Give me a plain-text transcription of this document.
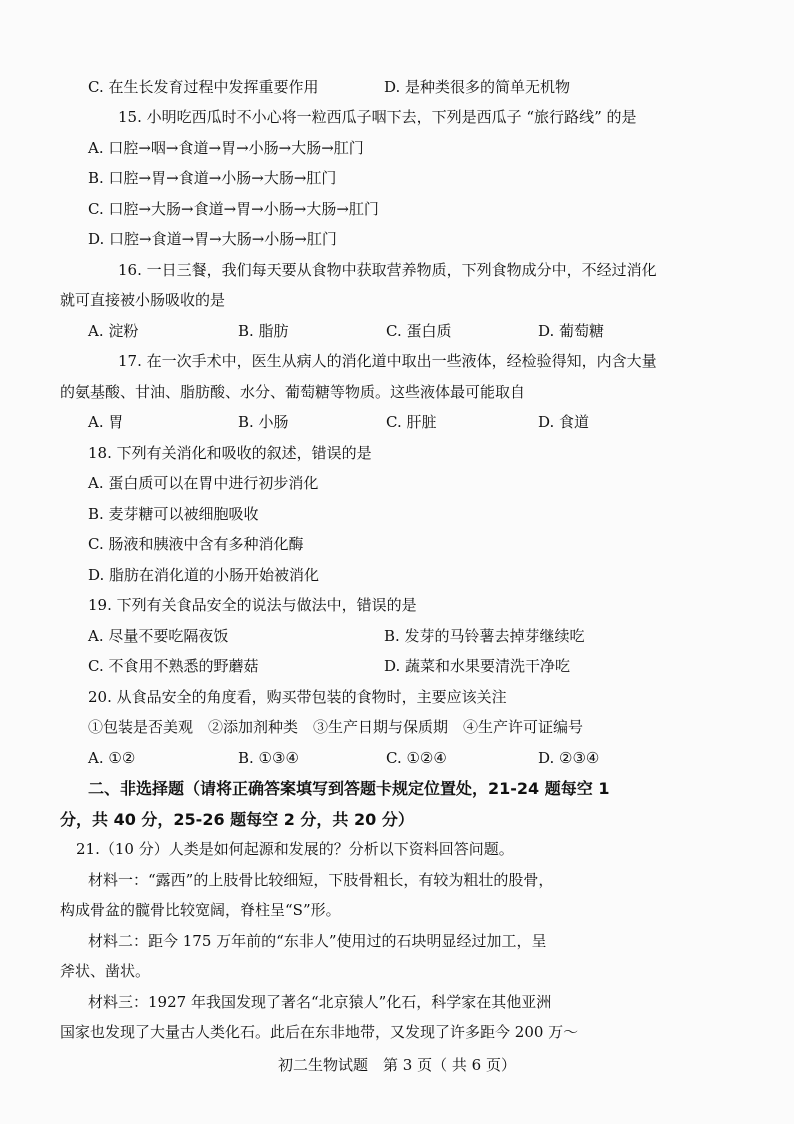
C. 在生长发育过程中发挥重要作用	D. 是种类很多的简单无机物
15. 小明吃西瓜时不小心将一粒西瓜子咽下去，下列是西瓜子 “旅行路线” 的是
A. 口腔→咽→食道→胃→小肠→大肠→肛门
B. 口腔→胃→食道→小肠→大肠→肛门
C. 口腔→大肠→食道→胃→小肠→大肠→肛门
D. 口腔→食道→胃→大肠→小肠→肛门
16. 一日三餐，我们每天要从食物中获取营养物质，下列食物成分中，不经过消化
就可直接被小肠吸收的是
A. 淀粉	B. 脂肪	C. 蛋白质	D. 葡萄糖
17. 在一次手术中，医生从病人的消化道中取出一些液体，经检验得知，内含大量
的氨基酸、甘油、脂肪酸、水分、葡萄糖等物质。这些液体最可能取自
A. 胃	B. 小肠	C. 肝脏	D. 食道
18. 下列有关消化和吸收的叙述，错误的是
A. 蛋白质可以在胃中进行初步消化
B. 麦芽糖可以被细胞吸收
C. 肠液和胰液中含有多种消化酶
D. 脂肪在消化道的小肠开始被消化
19. 下列有关食品安全的说法与做法中，错误的是
A. 尽量不要吃隔夜饭	B. 发芽的马铃薯去掉芽继续吃
C. 不食用不熟悉的野蘑菇	D. 蔬菜和水果要清洗干净吃
20. 从食品安全的角度看，购买带包装的食物时，主要应该关注
①包装是否美观　②添加剂种类　③生产日期与保质期　④生产许可证编号
A. ①②	B. ①③④	C. ①②④	D. ②③④
二、非选择题（请将正确答案填写到答题卡规定位置处，21-24 题每空 1
分，共 40 分，25-26 题每空 2 分，共 20 分）
21.（10 分）人类是如何起源和发展的？分析以下资料回答问题。
材料一：“露西”的上肢骨比较细短，下肢骨粗长，有较为粗壮的股骨，
构成骨盆的髋骨比较宽阔，脊柱呈“S”形。
材料二：距今 175 万年前的“东非人”使用过的石块明显经过加工，呈
斧状、凿状。
材料三：1927 年我国发现了著名“北京猿人”化石，科学家在其他亚洲
国家也发现了大量古人类化石。此后在东非地带，又发现了许多距今 200 万～
初二生物试题　第 3 页（ 共 6 页）
